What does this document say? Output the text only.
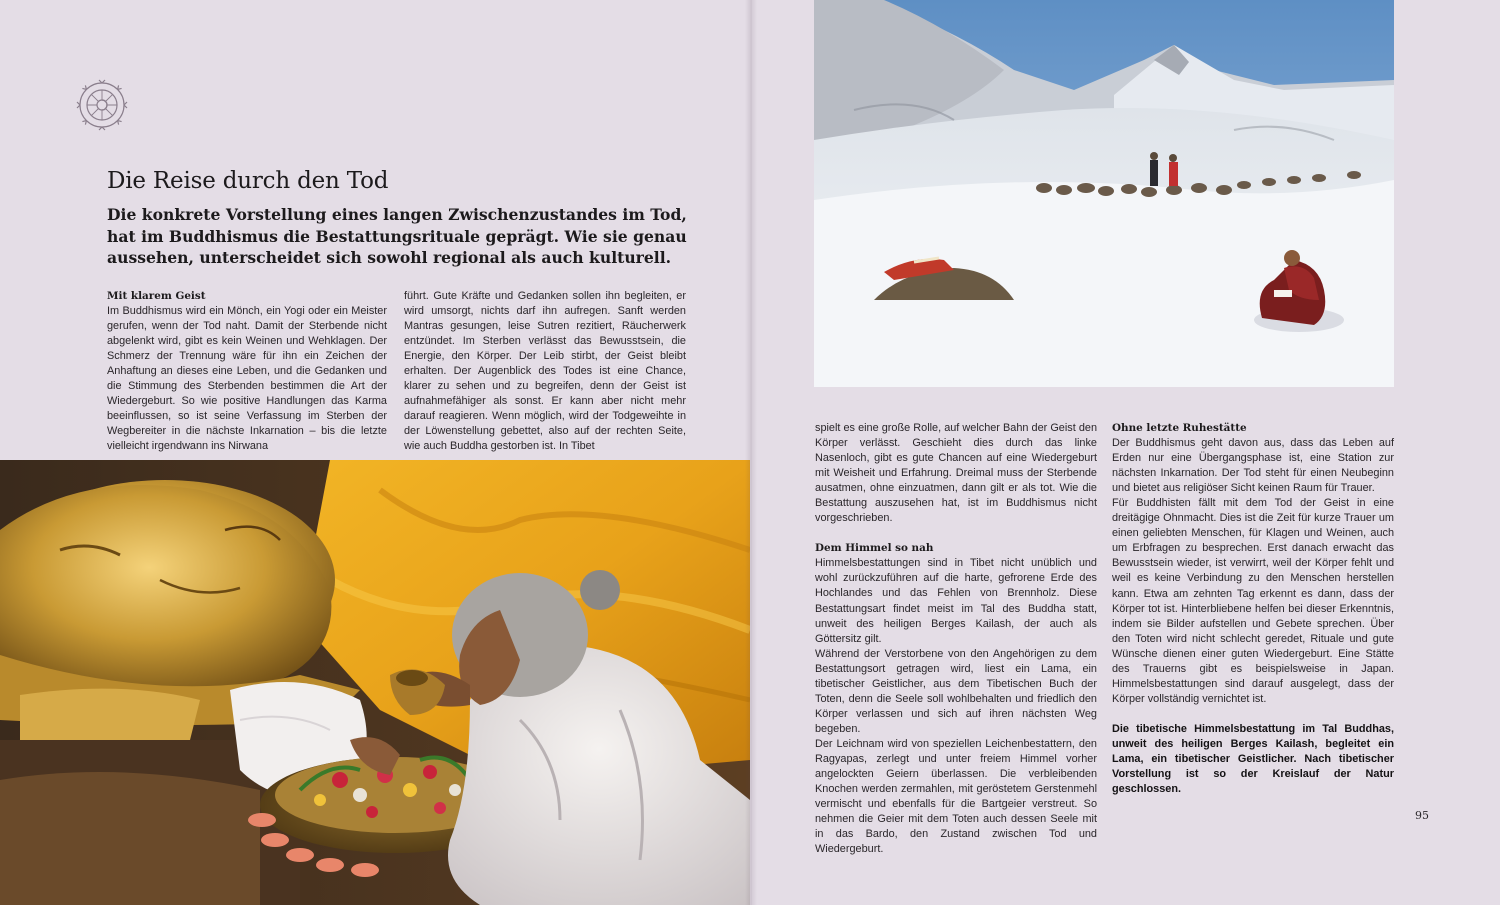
Die Reise durch den Tod

Die konkrete Vorstellung eines langen Zwischenzustandes im Tod, hat im Buddhismus die Bestattungsrituale geprägt. Wie sie genau aussehen, unterscheidet sich sowohl regional als auch kulturell.

Mit klarem Geist

Im Buddhismus wird ein Mönch, ein Yogi oder ein Meister gerufen, wenn der Tod naht. Damit der Sterbende nicht abgelenkt wird, gibt es kein Weinen und Wehklagen. Der Schmerz der Trennung wäre für ihn ein Zeichen der Anhaftung an dieses eine Leben, und die Gedanken und die Stimmung des Sterbenden bestimmen die Art der Wiedergeburt. So wie positive Handlungen das Karma beeinflussen, so ist seine Verfassung im Sterben der Wegbereiter in die nächste Inkarnation – bis die letzte vielleicht irgendwann ins Nirwana

führt. Gute Kräfte und Gedanken sollen ihn begleiten, er wird umsorgt, nichts darf ihn aufregen. Sanft werden Mantras gesungen, leise Sutren rezitiert, Räucherwerk entzündet. Im Sterben verlässt das Bewusstsein, die Energie, den Körper. Der Leib stirbt, der Geist bleibt erhalten. Der Augenblick des Todes ist eine Chance, klarer zu sehen und zu begreifen, denn der Geist ist aufnahmefähiger als sonst. Er kann aber nicht mehr darauf reagieren. Wenn möglich, wird der Todgeweihte in der Löwenstellung gebettet, also auf der rechten Seite, wie auch Buddha gestorben ist. In Tibet

spielt es eine große Rolle, auf welcher Bahn der Geist den Körper verlässt. Geschieht dies durch das linke Nasenloch, gibt es gute Chancen auf eine Wiedergeburt mit Weisheit und Erfahrung. Dreimal muss der Sterbende ausatmen, ohne einzuatmen, dann gilt er als tot. Wie die Bestattung auszusehen hat, ist im Buddhismus nicht vorgeschrieben.

Dem Himmel so nah

Himmelsbestattungen sind in Tibet nicht unüblich und wohl zurückzuführen auf die harte, gefrorene Erde des Hochlandes und das Fehlen von Brennholz. Diese Bestattungsart findet meist im Tal des Buddha statt, unweit des heiligen Berges Kailash, der auch als Göttersitz gilt.

Während der Verstorbene von den Angehörigen zu dem Bestattungsort getragen wird, liest ein Lama, ein tibetischer Geistlicher, aus dem Tibetischen Buch der Toten, denn die Seele soll wohlbehalten und friedlich den Körper verlassen und sich auf ihren nächsten Weg begeben.

Der Leichnam wird von speziellen Leichenbestattern, den Ragyapas, zerlegt und unter freiem Himmel vorher angelockten Geiern überlassen. Die verbleibenden Knochen werden zermahlen, mit geröstetem Gerstenmehl vermischt und ebenfalls für die Bartgeier verstreut. So nehmen die Geier mit dem Toten auch dessen Seele mit in das Bardo, den Zustand zwischen Tod und Wiedergeburt.

Ohne letzte Ruhestätte

Der Buddhismus geht davon aus, dass das Leben auf Erden nur eine Übergangsphase ist, eine Station zur nächsten Inkarnation. Der Tod steht für einen Neubeginn und bietet aus religiöser Sicht keinen Raum für Trauer.

Für Buddhisten fällt mit dem Tod der Geist in eine dreitägige Ohnmacht. Dies ist die Zeit für kurze Trauer um einen geliebten Menschen, für Klagen und Weinen, auch um Erbfragen zu besprechen. Erst danach erwacht das Bewusstsein wieder, ist verwirrt, weil der Körper fehlt und weil es keine Verbindung zu den Menschen herstellen kann. Etwa am zehnten Tag erkennt es dann, dass der Körper tot ist. Hinterbliebene helfen bei dieser Erkenntnis, indem sie Bilder aufstellen und Gebete sprechen. Über den Toten wird nicht schlecht geredet, Rituale und gute Wünsche dienen einer guten Wiedergeburt. Eine Stätte des Trauerns gibt es beispielsweise in Japan. Himmelsbestattungen sind darauf ausgelegt, dass der Körper vollständig vernichtet ist.

Die tibetische Himmelsbestattung im Tal Buddhas, unweit des heiligen Berges Kailash, begleitet ein Lama, ein tibetischer Geistlicher. Nach tibetischer Vorstellung ist so der Kreislauf der Natur geschlossen.

95
